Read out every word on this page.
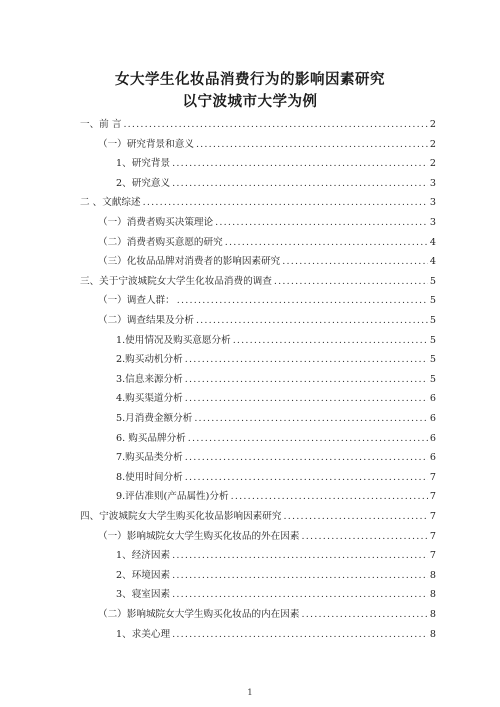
女大学生化妆品消费行为的影响因素研究
以宁波城市大学为例
一、前 言 .....	2
（一）研究背景和意义 .....	2
1、研究背景 .....	2
2、研究意义 .....	3
二 、文献综述 .....	3
（一）消费者购买决策理论 .....	3
（二）消费者购买意愿的研究 .....	4
（三）化妆品品牌对消费者的影响因素研究 .....	4
三、关于宁波城院女大学生化妆品消费的调查 .....	5
（一）调查人群： .....	5
（二）调查结果及分析 .....	5
1.使用情况及购买意愿分析 .....	5
2.购买动机分析 .....	5
3.信息来源分析 .....	5
4.购买渠道分析 .....	6
5.月消费金额分析 .....	6
6. 购买品牌分析 .....	6
7.购买品类分析 .....	6
8.使用时间分析 .....	7
9.评估准则(产品属性)分析 .....	7
四、宁波城院女大学生购买化妆品影响因素研究 .....	7
（一）影响城院女大学生购买化妆品的外在因素 .....	7
1、经济因素 .....	7
2、环境因素 .....	8
3、寝室因素 .....	8
（二）影响城院女大学生购买化妆品的内在因素 .....	8
1、求美心理 .....	8
1
